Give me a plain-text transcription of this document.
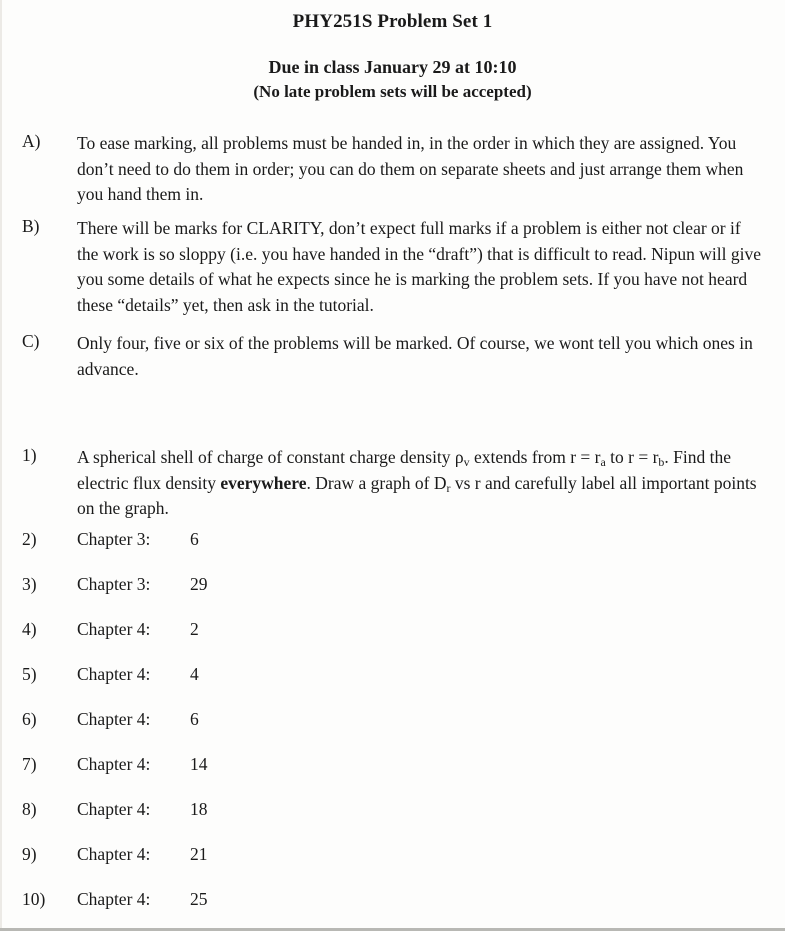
PHY251S Problem Set 1
Due in class January 29 at 10:10
(No late problem sets will be accepted)
A)	To ease marking, all problems must be handed in, in the order in which they are assigned. You don’t need to do them in order; you can do them on separate sheets and just arrange them when you hand them in.
B)	There will be marks for CLARITY, don’t expect full marks if a problem is either not clear or if the work is so sloppy (i.e. you have handed in the “draft”) that is difficult to read. Nipun will give you some details of what he expects since he is marking the problem sets. If you have not heard these “details” yet, then ask in the tutorial.
C)	Only four, five or six of the problems will be marked. Of course, we wont tell you which ones in advance.
1)	A spherical shell of charge of constant charge density $\rho_v$ extends from $r = r_a$ to $r = r_b$. Find the electric flux density everywhere. Draw a graph of $D_r$ vs r and carefully label all important points on the graph.
2)	Chapter 3:	6
3)	Chapter 3:	29
4)	Chapter 4:	2
5)	Chapter 4:	4
6)	Chapter 4:	6
7)	Chapter 4:	14
8)	Chapter 4:	18
9)	Chapter 4:	21
10)	Chapter 4:	25
